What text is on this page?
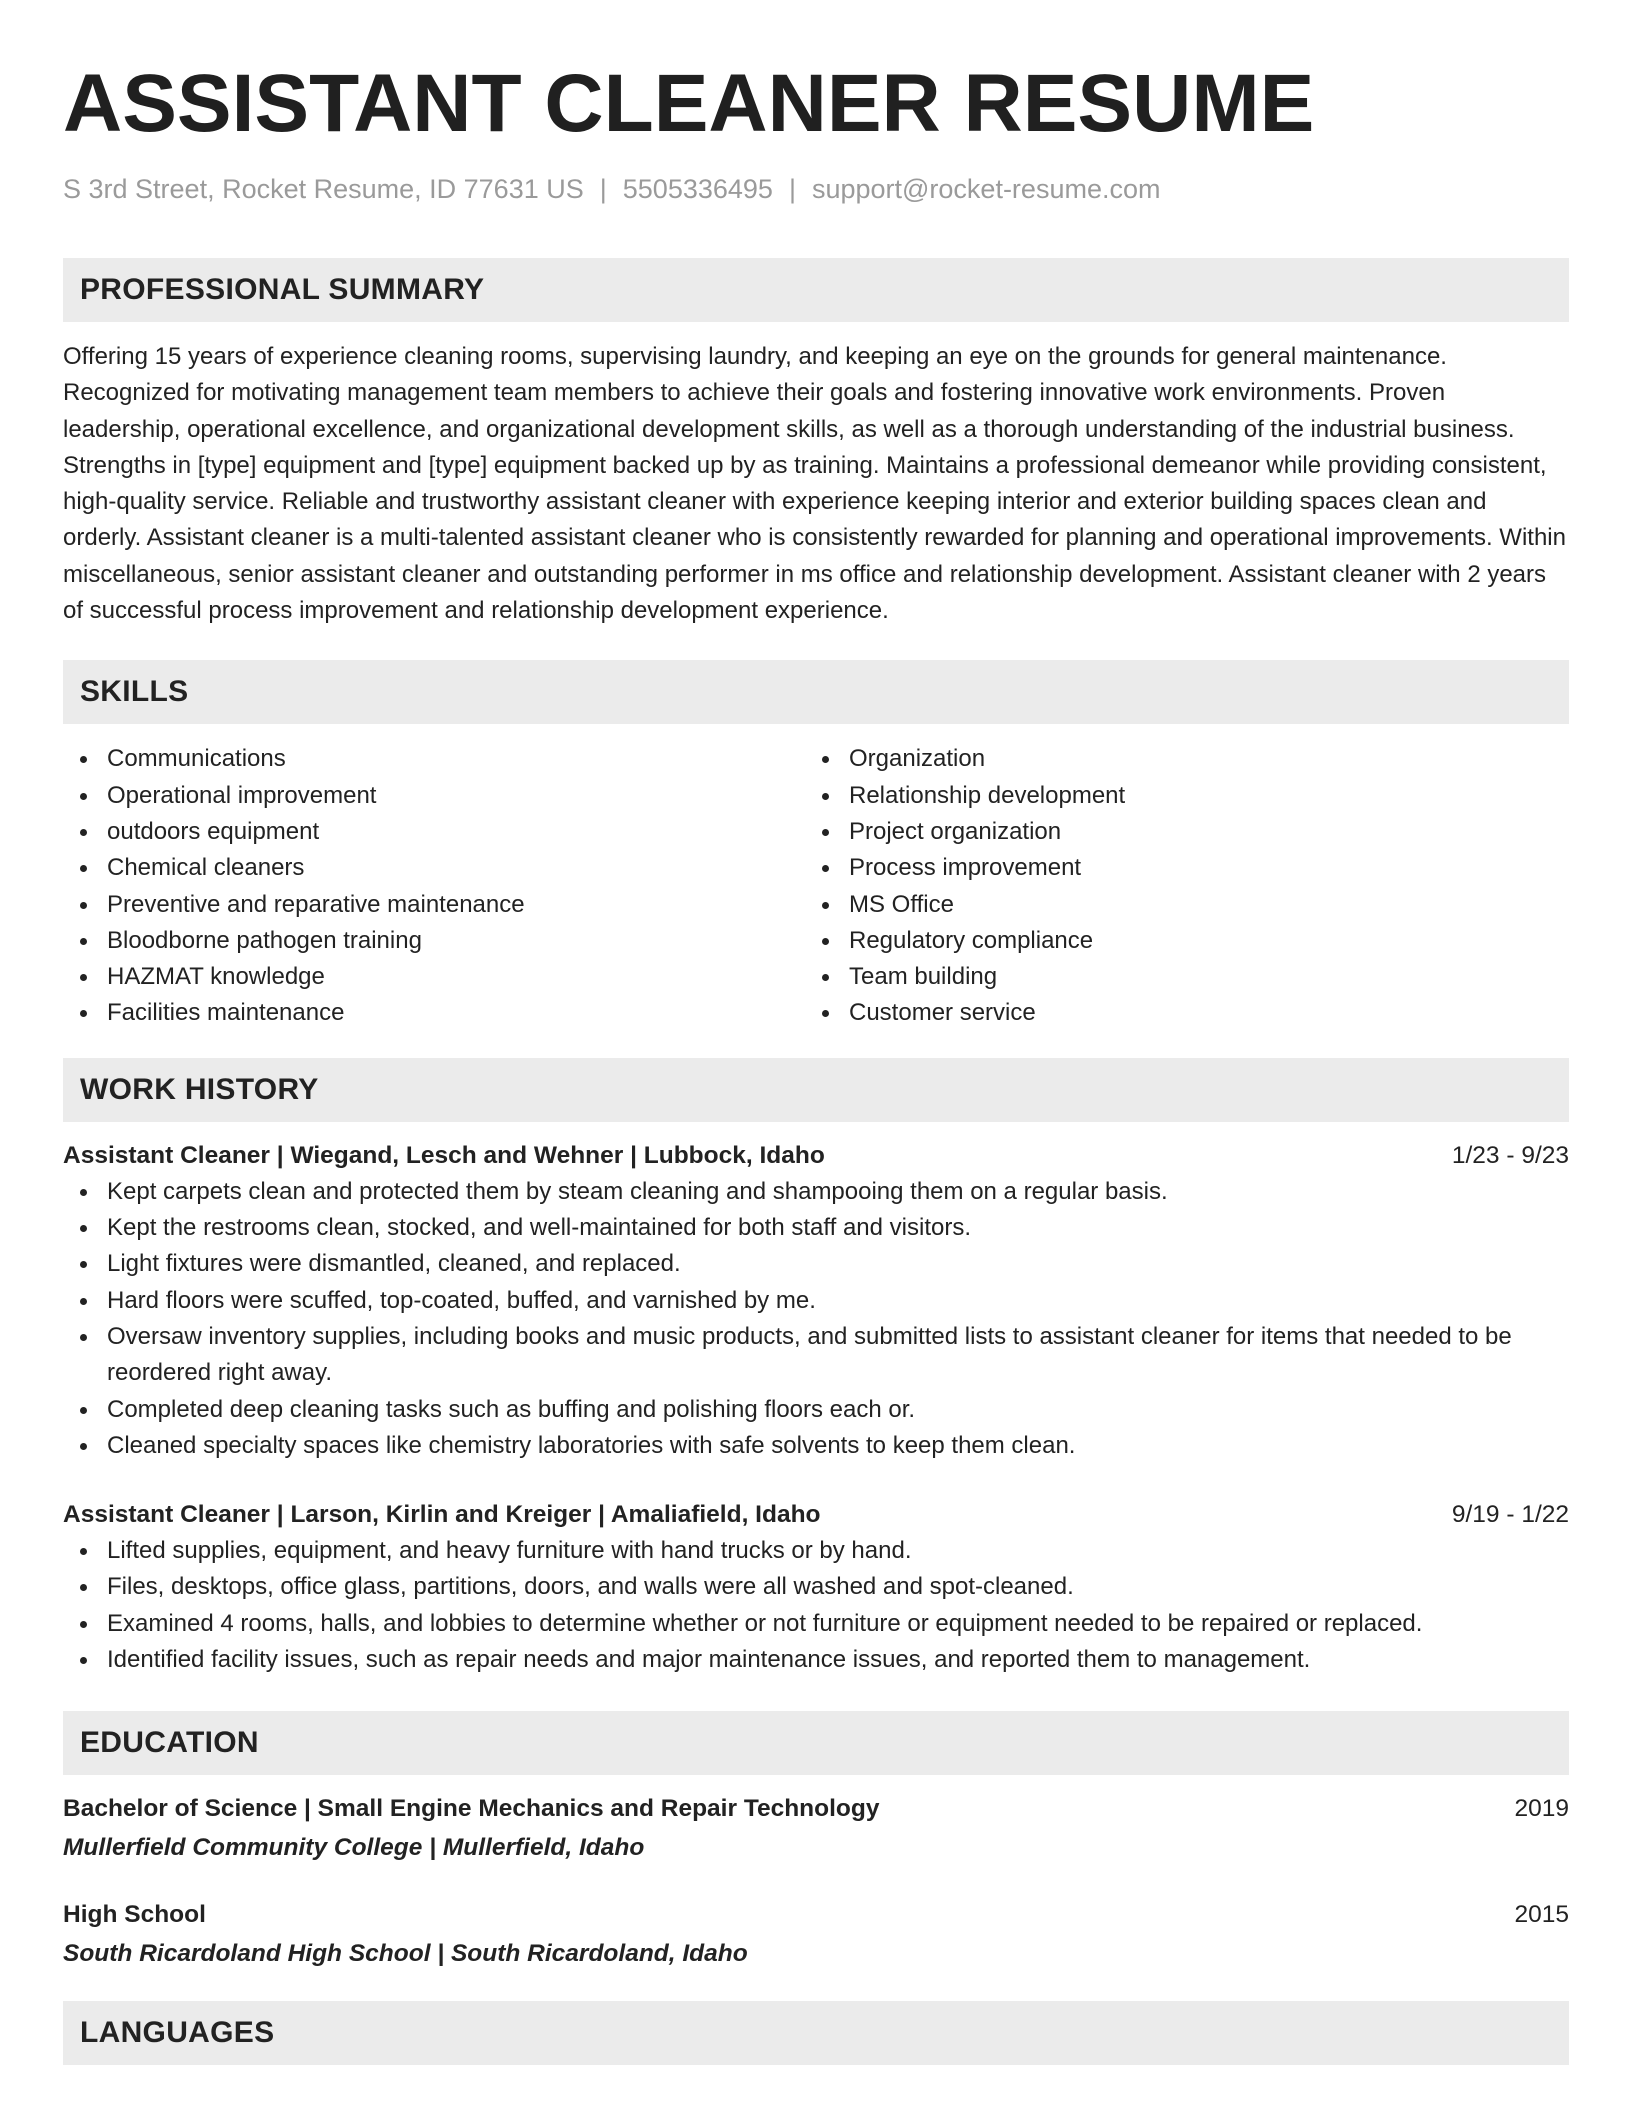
ASSISTANT CLEANER RESUME
S 3rd Street, Rocket Resume, ID 77631 US | 5505336495 | support@rocket-resume.com
PROFESSIONAL SUMMARY

Offering 15 years of experience cleaning rooms, supervising laundry, and keeping an eye on the grounds for general maintenance. Recognized for motivating management team members to achieve their goals and fostering innovative work environments. Proven leadership, operational excellence, and organizational development skills, as well as a thorough understanding of the industrial business. Strengths in [type] equipment and [type] equipment backed up by as training. Maintains a professional demeanor while providing consistent, high-quality service. Reliable and trustworthy assistant cleaner with experience keeping interior and exterior building spaces clean and orderly. Assistant cleaner is a multi-talented assistant cleaner who is consistently rewarded for planning and operational improvements. Within miscellaneous, senior assistant cleaner and outstanding performer in ms office and relationship development. Assistant cleaner with 2 years of successful process improvement and relationship development experience.

SKILLS
Communications
Operational improvement
outdoors equipment
Chemical cleaners
Preventive and reparative maintenance
Bloodborne pathogen training
HAZMAT knowledge
Facilities maintenance
Organization
Relationship development
Project organization
Process improvement
MS Office
Regulatory compliance
Team building
Customer service
WORK HISTORY
Assistant Cleaner | Wiegand, Lesch and Wehner | Lubbock, Idaho	1/23 - 9/23
Kept carpets clean and protected them by steam cleaning and shampooing them on a regular basis.
Kept the restrooms clean, stocked, and well-maintained for both staff and visitors.
Light fixtures were dismantled, cleaned, and replaced.
Hard floors were scuffed, top-coated, buffed, and varnished by me.
Oversaw inventory supplies, including books and music products, and submitted lists to assistant cleaner for items that needed to be reordered right away.
Completed deep cleaning tasks such as buffing and polishing floors each or.
Cleaned specialty spaces like chemistry laboratories with safe solvents to keep them clean.
Assistant Cleaner | Larson, Kirlin and Kreiger | Amaliafield, Idaho	9/19 - 1/22
Lifted supplies, equipment, and heavy furniture with hand trucks or by hand.
Files, desktops, office glass, partitions, doors, and walls were all washed and spot-cleaned.
Examined 4 rooms, halls, and lobbies to determine whether or not furniture or equipment needed to be repaired or replaced.
Identified facility issues, such as repair needs and major maintenance issues, and reported them to management.
EDUCATION
Bachelor of Science | Small Engine Mechanics and Repair Technology	2019
Mullerfield Community College | Mullerfield, Idaho
High School	2015
South Ricardoland High School | South Ricardoland, Idaho
LANGUAGES
